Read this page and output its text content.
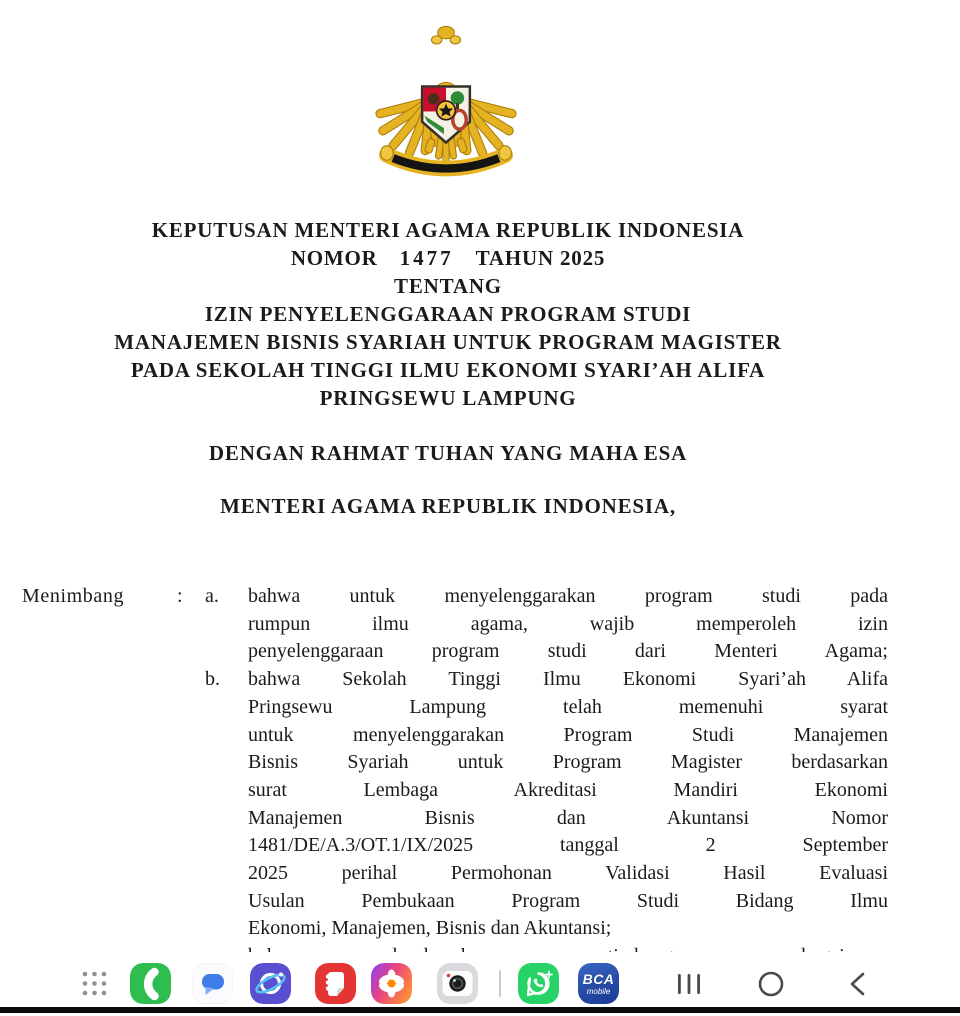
KEPUTUSAN MENTERI AGAMA REPUBLIK INDONESIA
NOMOR 1477 TAHUN 2025
TENTANG
IZIN PENYELENGGARAAN PROGRAM STUDI
MANAJEMEN BISNIS SYARIAH UNTUK PROGRAM MAGISTER
PADA SEKOLAH TINGGI ILMU EKONOMI SYARI’AH ALIFA
PRINGSEWU LAMPUNG
DENGAN RAHMAT TUHAN YANG MAHA ESA
MENTERI AGAMA REPUBLIK INDONESIA,
Menimbang	:	a.	bahwa untuk menyelenggarakan program studi pada
rumpun ilmu agama, wajib memperoleh izin
penyelenggaraan program studi dari Menteri Agama;
b.	bahwa Sekolah Tinggi Ilmu Ekonomi Syari’ah Alifa
Pringsewu Lampung telah memenuhi syarat
untuk menyelenggarakan Program Studi Manajemen
Bisnis Syariah untuk Program Magister berdasarkan
surat Lembaga Akreditasi Mandiri Ekonomi
Manajemen Bisnis dan Akuntansi Nomor
1481/DE/A.3/OT.1/IX/2025 tanggal 2 September
2025 perihal Permohonan Validasi Hasil Evaluasi
Usulan Pembukaan Program Studi Bidang Ilmu
Ekonomi, Manajemen, Bisnis dan Akuntansi;
BCA
mobile
